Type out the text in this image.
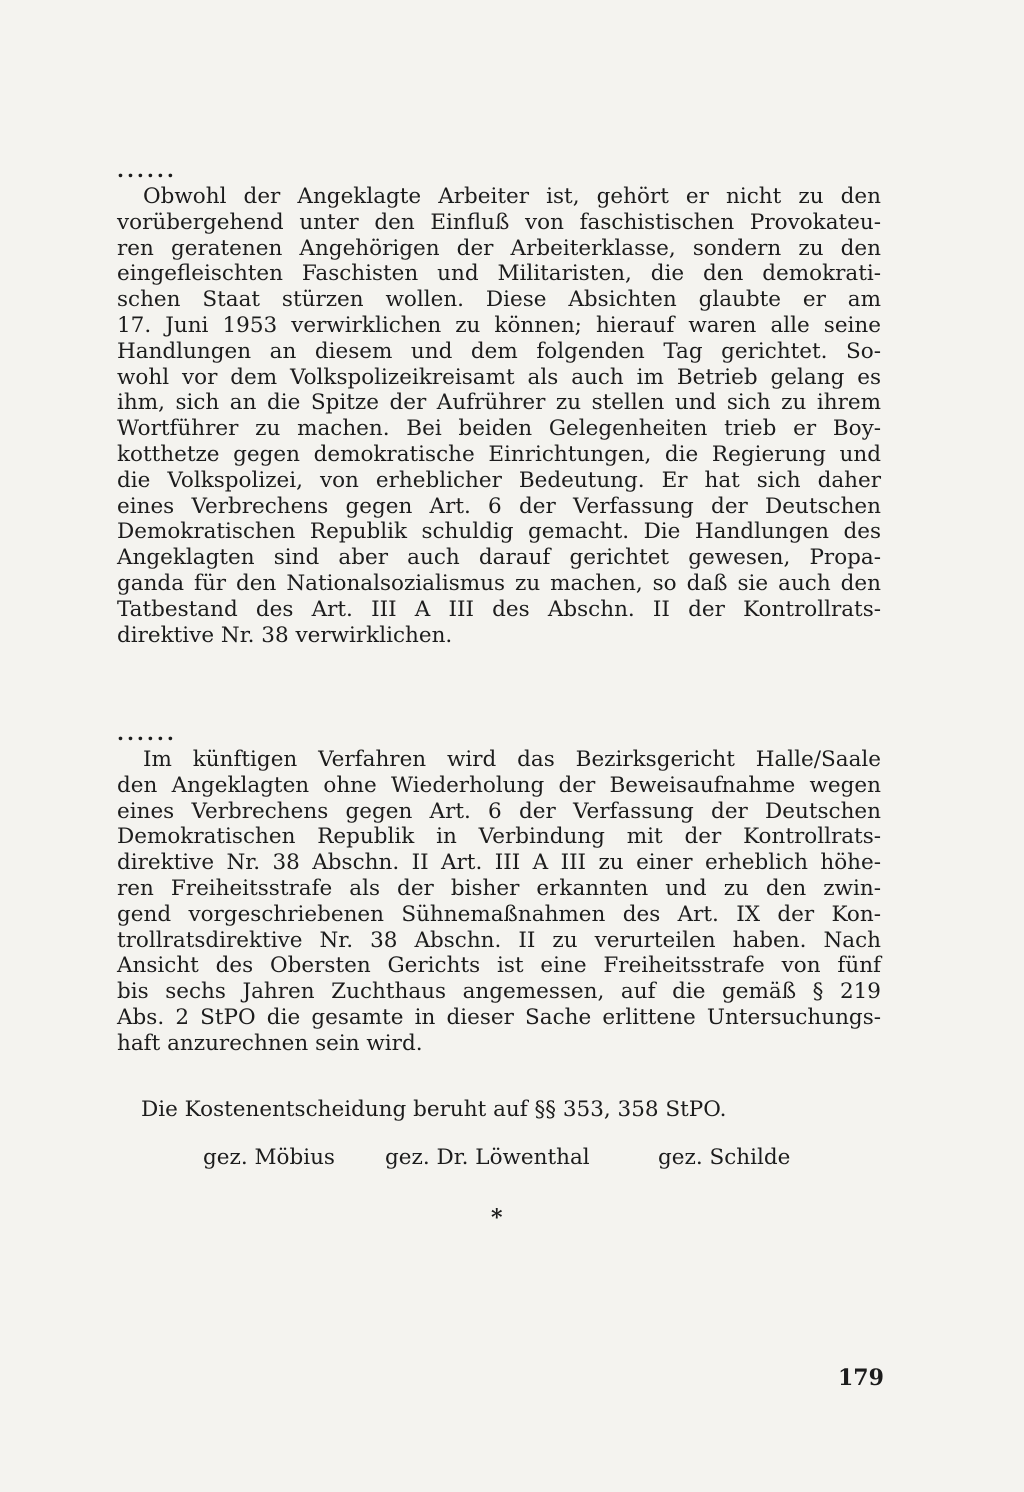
......
Obwohl der Angeklagte Arbeiter ist, gehört er nicht zu den
vorübergehend unter den Einfluß von faschistischen Provokateu-
ren geratenen Angehörigen der Arbeiterklasse, sondern zu den
eingefleischten Faschisten und Militaristen, die den demokrati-
schen Staat stürzen wollen. Diese Absichten glaubte er am
17. Juni 1953 verwirklichen zu können; hierauf waren alle seine
Handlungen an diesem und dem folgenden Tag gerichtet. So-
wohl vor dem Volkspolizeikreisamt als auch im Betrieb gelang es
ihm, sich an die Spitze der Aufrührer zu stellen und sich zu ihrem
Wortführer zu machen. Bei beiden Gelegenheiten trieb er Boy-
kotthetze gegen demokratische Einrichtungen, die Regierung und
die Volkspolizei, von erheblicher Bedeutung. Er hat sich daher
eines Verbrechens gegen Art. 6 der Verfassung der Deutschen
Demokratischen Republik schuldig gemacht. Die Handlungen des
Angeklagten sind aber auch darauf gerichtet gewesen, Propa-
ganda für den Nationalsozialismus zu machen, so daß sie auch den
Tatbestand des Art. III A III des Abschn. II der Kontrollrats-
direktive Nr. 38 verwirklichen.
......
Im künftigen Verfahren wird das Bezirksgericht Halle/Saale
den Angeklagten ohne Wiederholung der Beweisaufnahme wegen
eines Verbrechens gegen Art. 6 der Verfassung der Deutschen
Demokratischen Republik in Verbindung mit der Kontrollrats-
direktive Nr. 38 Abschn. II Art. III A III zu einer erheblich höhe-
ren Freiheitsstrafe als der bisher erkannten und zu den zwin-
gend vorgeschriebenen Sühnemaßnahmen des Art. IX der Kon-
trollratsdirektive Nr. 38 Abschn. II zu verurteilen haben. Nach
Ansicht des Obersten Gerichts ist eine Freiheitsstrafe von fünf
bis sechs Jahren Zuchthaus angemessen, auf die gemäß § 219
Abs. 2 StPO die gesamte in dieser Sache erlittene Untersuchungs-
haft anzurechnen sein wird.
Die Kostenentscheidung beruht auf §§ 353, 358 StPO.
gez. Möbius gez. Dr. Löwenthal	gez. Schilde
*
179
